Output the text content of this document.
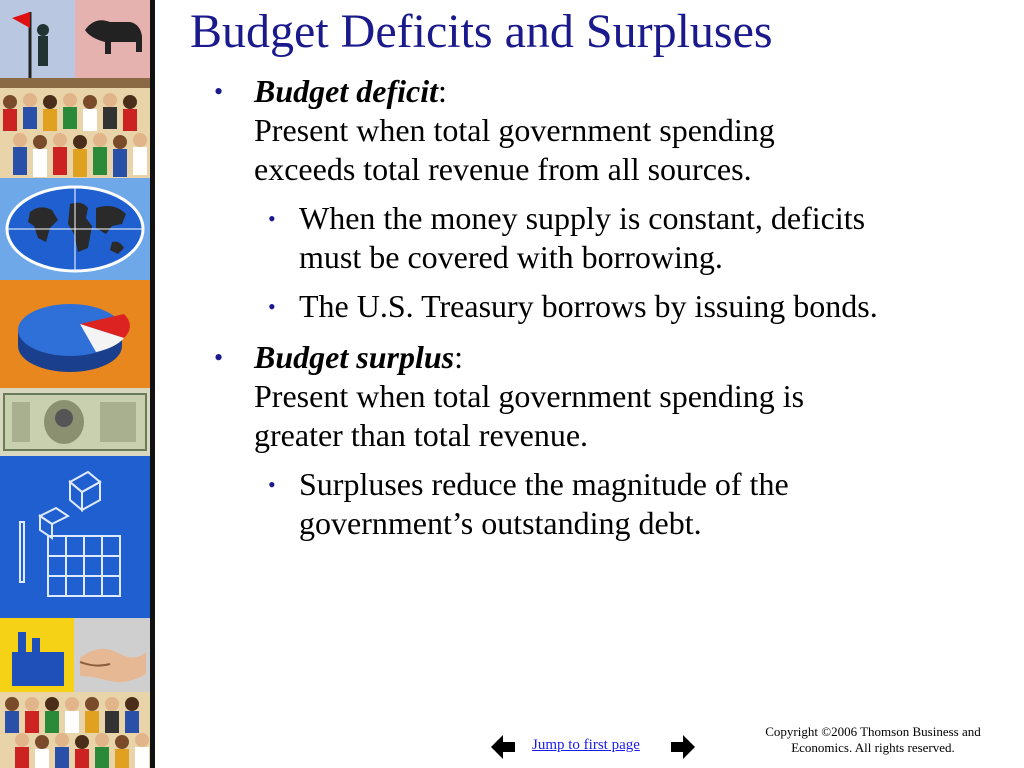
Budget Deficits and Surpluses
• Budget deficit:
Present when total government spending
exceeds total revenue from all sources.
• When the money supply is constant, deficits
must be covered with borrowing.
• The U.S. Treasury borrows by issuing bonds.
• Budget surplus:
Present when total government spending is
greater than total revenue.
• Surpluses reduce the magnitude of the
government’s outstanding debt.
Jump to first page
Copyright ©2006 Thomson Business and
Economics. All rights reserved.
